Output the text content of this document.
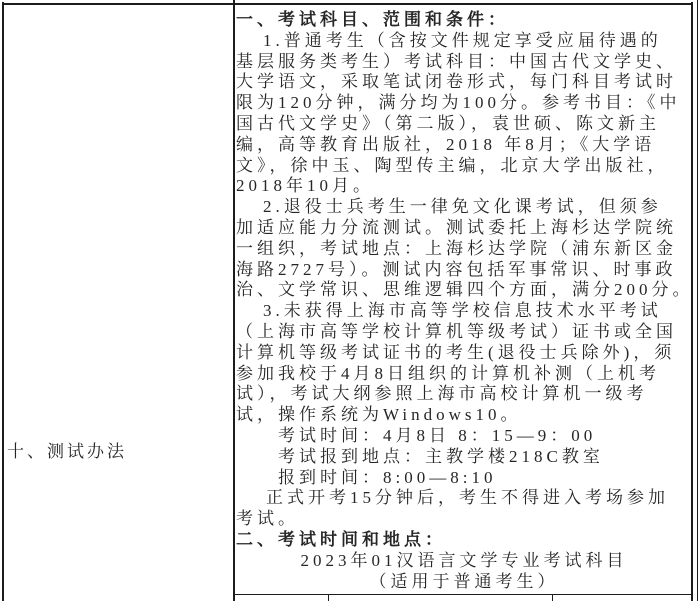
十、测试办法
一、考试科目、范围和条件：
1.普通考生（含按文件规定享受应届待遇的
基层服务类考生）考试科目：中国古代文学史、
大学语文，采取笔试闭卷形式，每门科目考试时
限为120分钟，满分均为100分。参考书目：《中
国古代文学史》（第二版），袁世硕、陈文新主
编，高等教育出版社，2018 年8月；《大学语
文》，徐中玉、陶型传主编，北京大学出版社，
2018年10月。
2.退役士兵考生一律免文化课考试，但须参
加适应能力分流测试。测试委托上海杉达学院统
一组织，考试地点：上海杉达学院（浦东新区金
海路2727号）。测试内容包括军事常识、时事政
治、文学常识、思维逻辑四个方面，满分200分。
3.未获得上海市高等学校信息技术水平考试
（上海市高等学校计算机等级考试）证书或全国
计算机等级考试证书的考生(退役士兵除外)，须
参加我校于4月8日组织的计算机补测（上机考
试），考试大纲参照上海市高校计算机一级考
试，操作系统为Windows10。
考试时间：4月8日 8：15—9：00
考试报到地点：主教学楼218C教室
报到时间：8:00—8:10
正式开考15分钟后，考生不得进入考场参加
考试。
二、考试时间和地点：
2023年01汉语言文学专业考试科目
（适用于普通考生）
